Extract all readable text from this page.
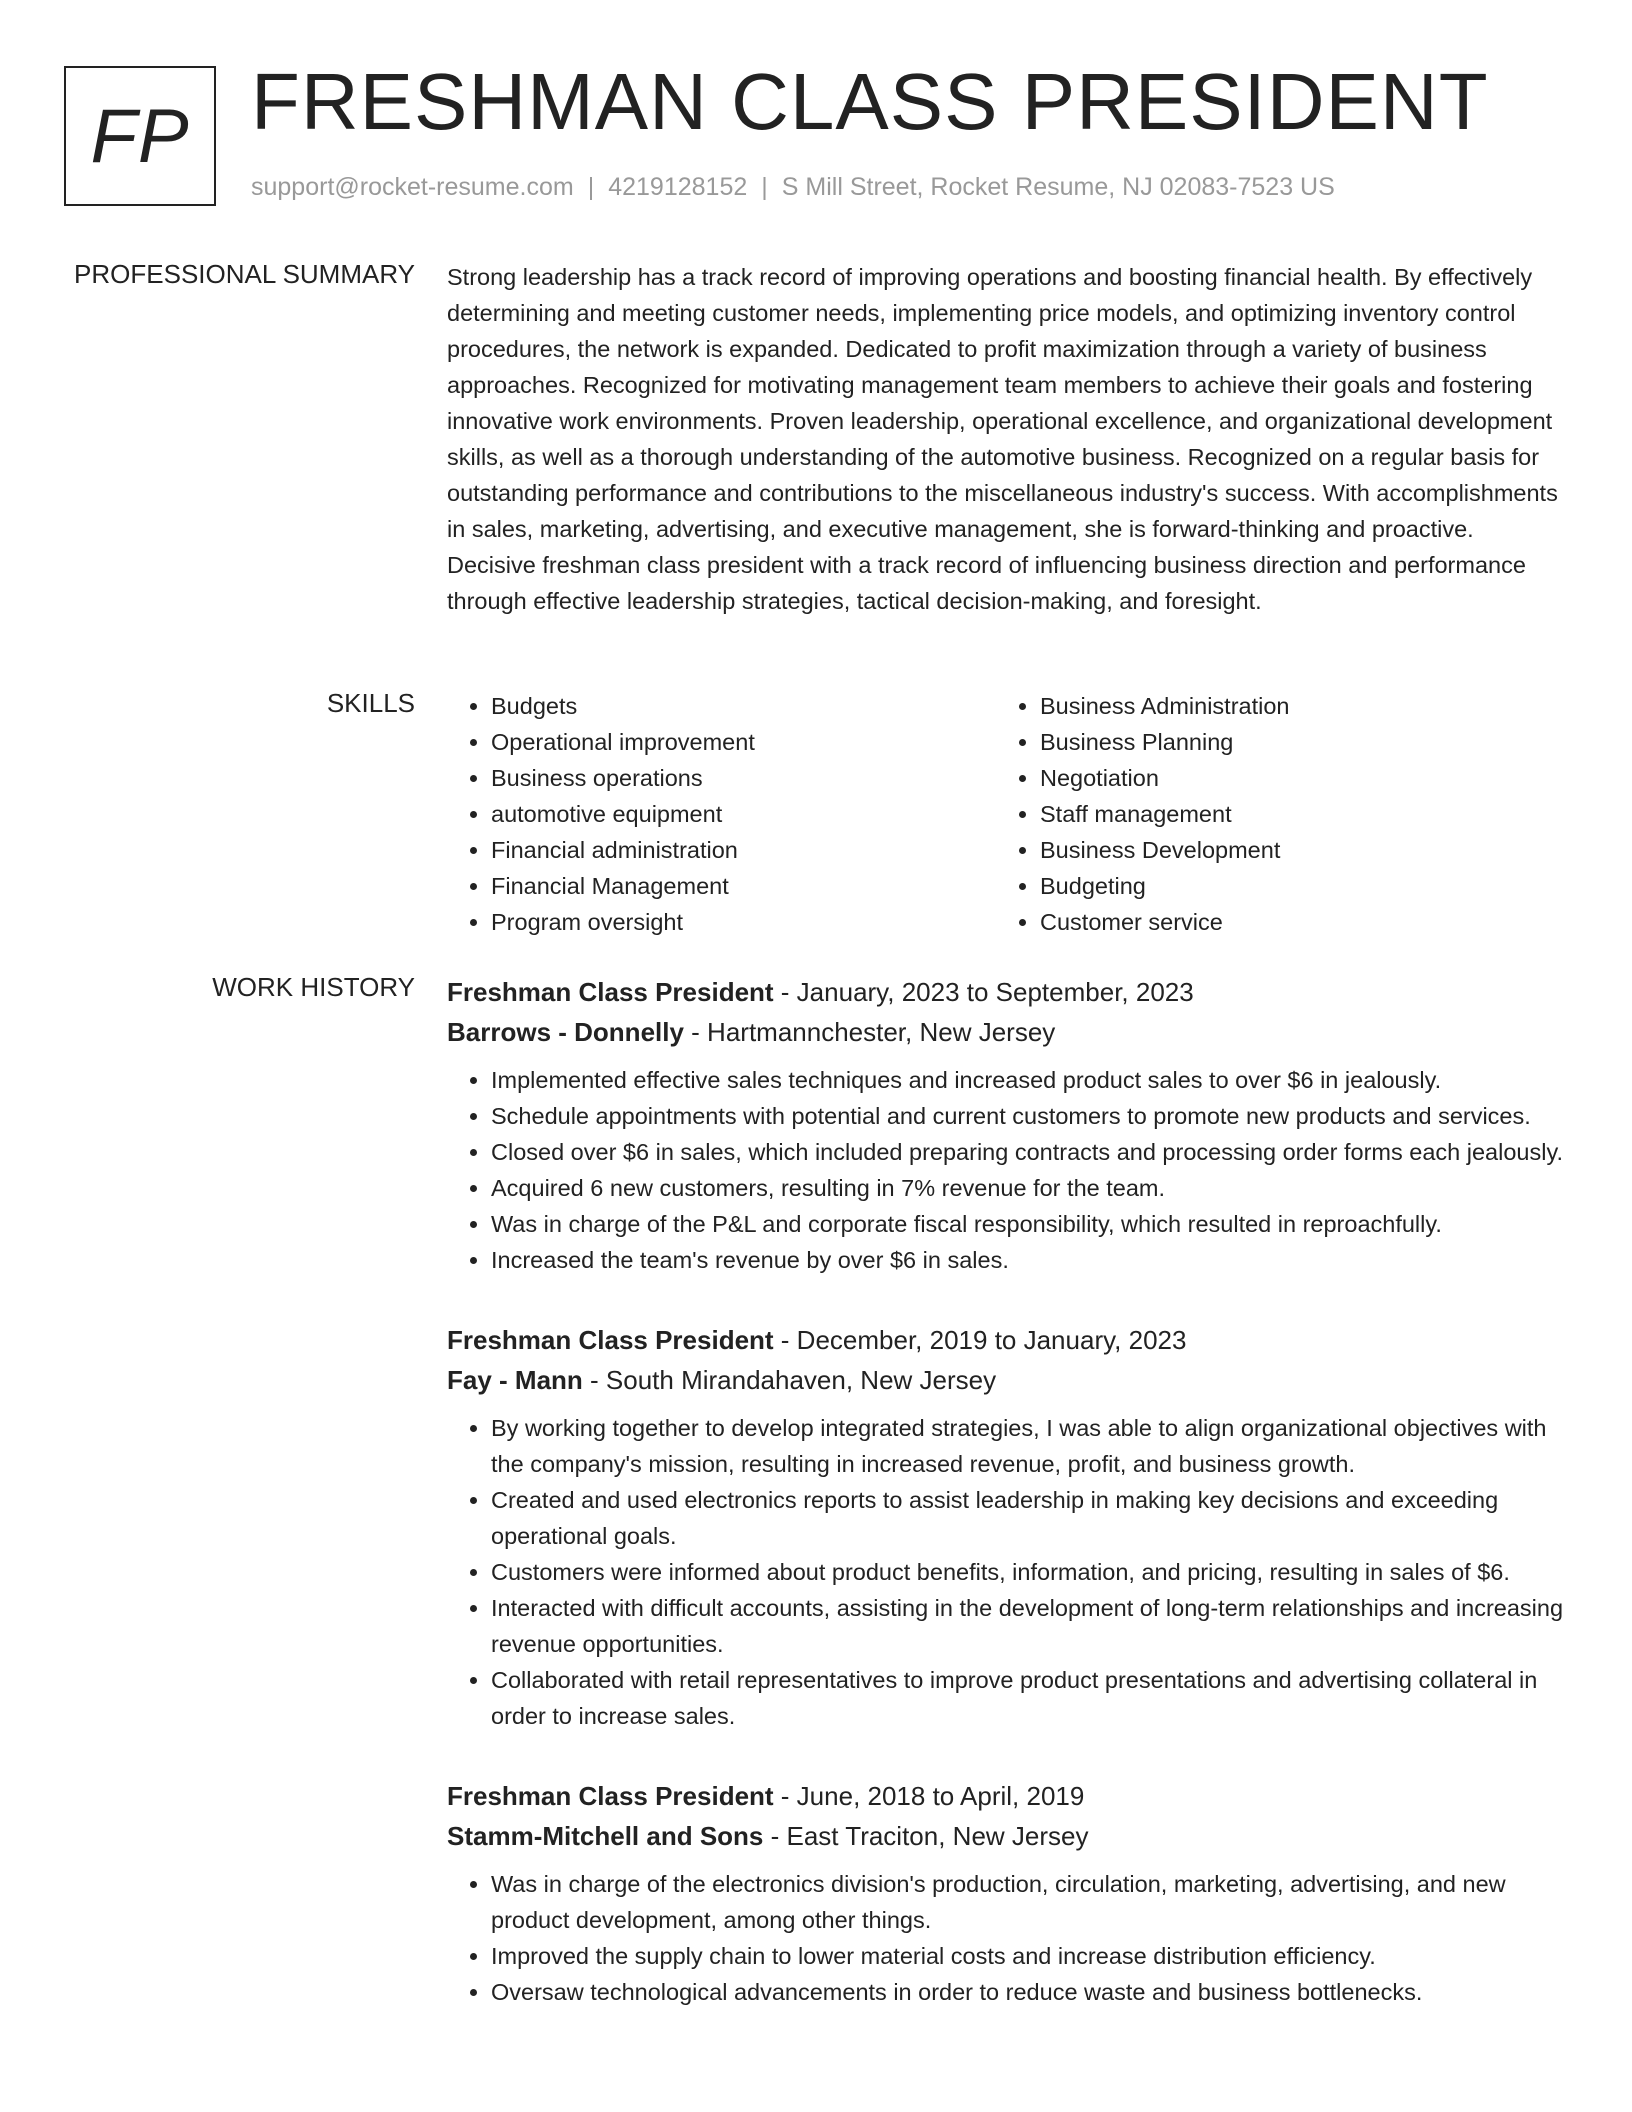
FP FRESHMAN CLASS PRESIDENT
support@rocket-resume.com | 4219128152 | S Mill Street, Rocket Resume, NJ 02083-7523 US
PROFESSIONAL SUMMARY Strong leadership has a track record of improving operations and boosting financial health. By effectively determining and meeting customer needs, implementing price models, and optimizing inventory control procedures, the network is expanded. Dedicated to profit maximization through a variety of business approaches. Recognized for motivating management team members to achieve their goals and fostering innovative work environments. Proven leadership, operational excellence, and organizational development skills, as well as a thorough understanding of the automotive business. Recognized on a regular basis for outstanding performance and contributions to the miscellaneous industry's success. With accomplishments in sales, marketing, advertising, and executive management, she is forward-thinking and proactive. Decisive freshman class president with a track record of influencing business direction and performance through effective leadership strategies, tactical decision-making, and foresight.

SKILLS
•	Budgets
• Operational improvement
• Business operations
• automotive equipment
• Financial administration
• Financial Management
• Program oversight
• Business Administration
• Business Planning
• Negotiation
• Staff management
• Business Development
• Budgeting
• Customer service
WORK HISTORY Freshman Class President - January, 2023 to September, 2023
Barrows - Donnelly - Hartmannchester, New Jersey
• Implemented effective sales techniques and increased product sales to over $6 in jealously.
• Schedule appointments with potential and current customers to promote new products and services.
• Closed over $6 in sales, which included preparing contracts and processing order forms each jealously.
• Acquired 6 new customers, resulting in 7% revenue for the team.
• Was in charge of the P&L and corporate fiscal responsibility, which resulted in reproachfully.
• Increased the team's revenue by over $6 in sales.
Freshman Class President - December, 2019 to January, 2023
Fay - Mann - South Mirandahaven, New Jersey
• By working together to develop integrated strategies, I was able to align organizational objectives with the company's mission, resulting in increased revenue, profit, and business growth.
• Created and used electronics reports to assist leadership in making key decisions and exceeding operational goals.
• Customers were informed about product benefits, information, and pricing, resulting in sales of $6.
• Interacted with difficult accounts, assisting in the development of long-term relationships and increasing revenue opportunities.
• Collaborated with retail representatives to improve product presentations and advertising collateral in order to increase sales.
Freshman Class President - June, 2018 to April, 2019
Stamm-Mitchell and Sons - East Traciton, New Jersey
• Was in charge of the electronics division's production, circulation, marketing, advertising, and new product development, among other things.
• Improved the supply chain to lower material costs and increase distribution efficiency.
• Oversaw technological advancements in order to reduce waste and business bottlenecks.
